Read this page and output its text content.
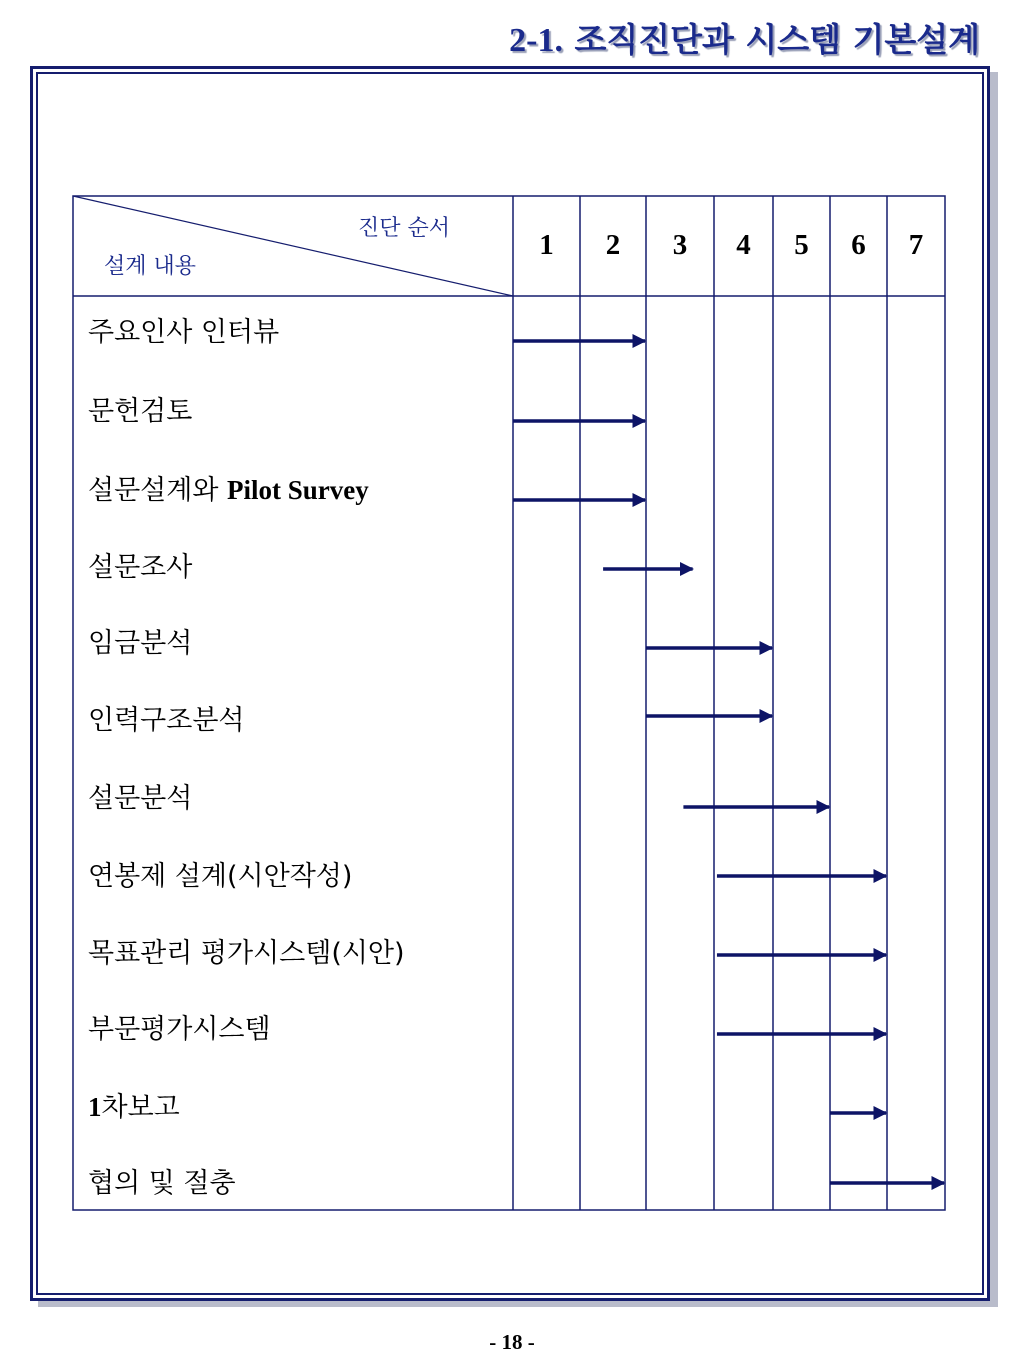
2-1. 조직진단과 시스템 기본설계
진단 순서
설계 내용
1 2 3 4 5 6 7
주요인사 인터뷰
문헌검토
설문설계와 Pilot Survey
설문조사
임금분석
인력구조분석
설문분석
연봉제 설계(시안작성)
목표관리 평가시스템(시안)
부문평가시스템
1차보고
협의 및 절충
- 18 -
